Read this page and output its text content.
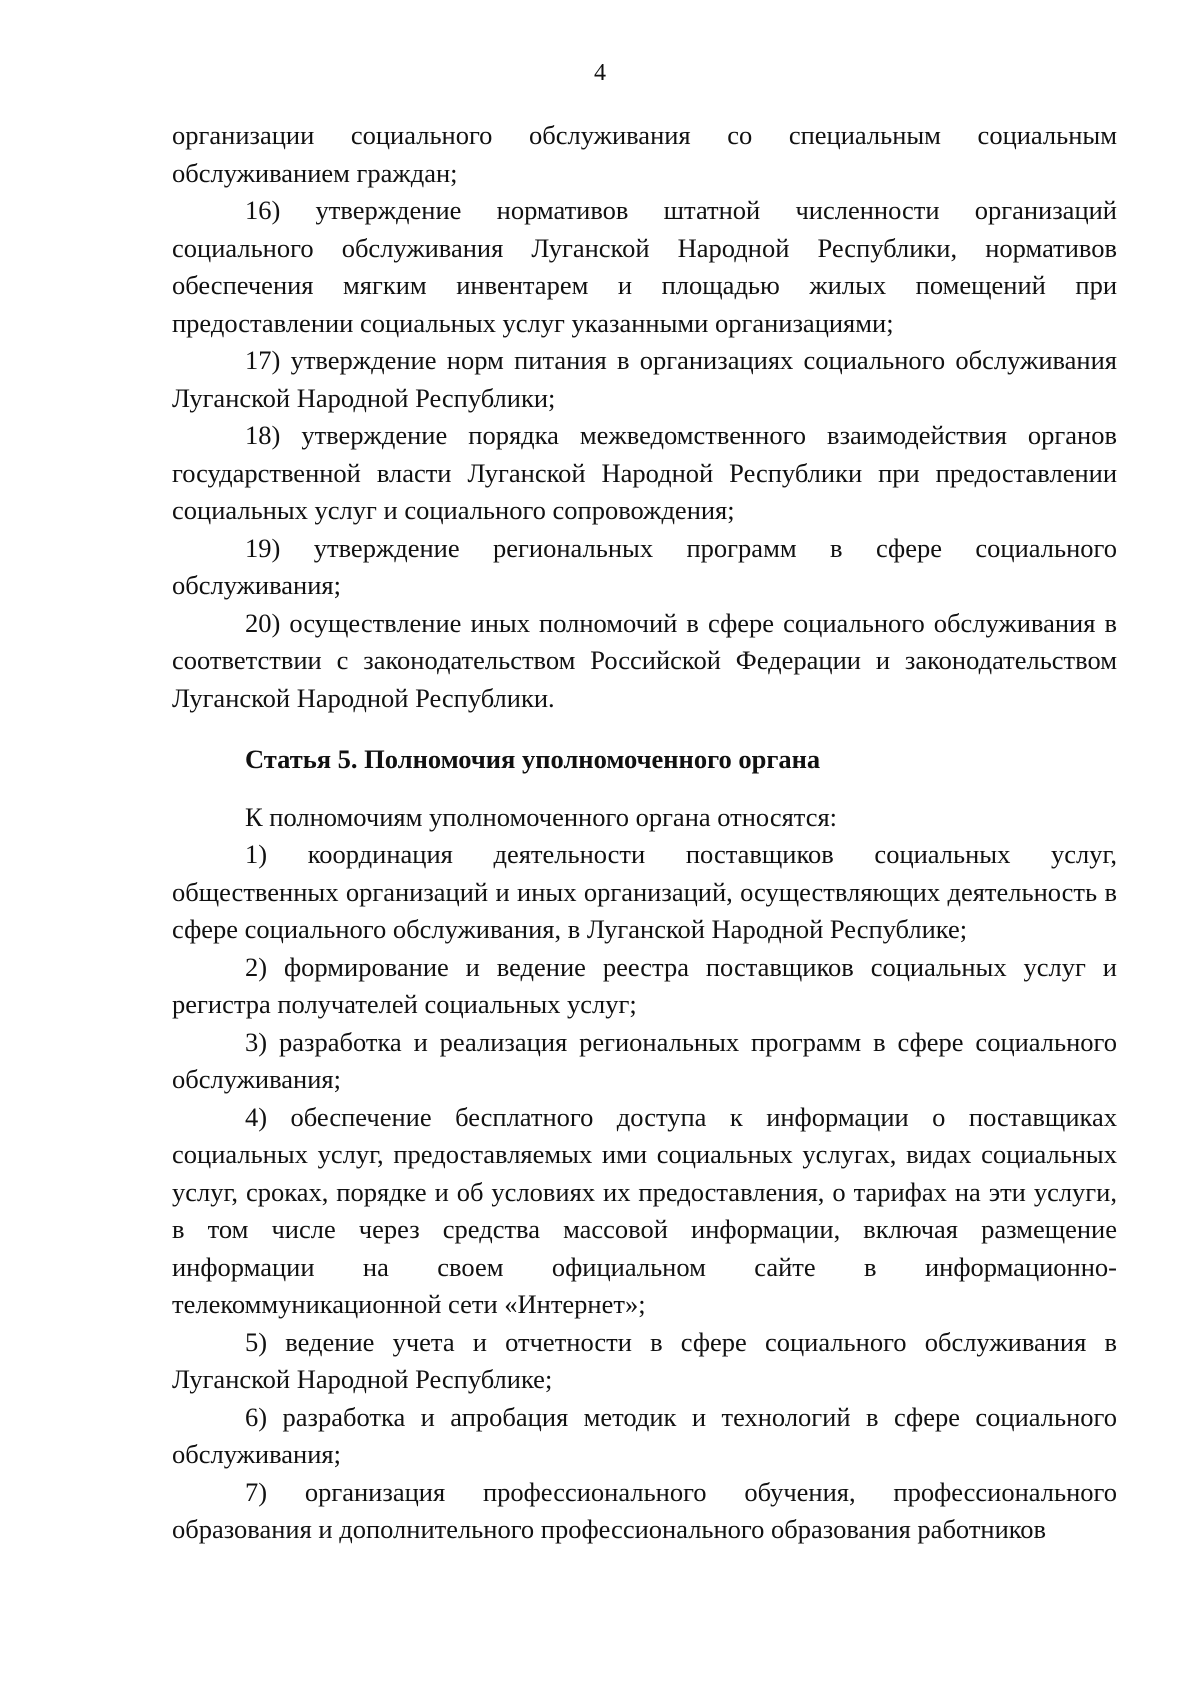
4

организации социального обслуживания со специальным социальным обслуживанием граждан;

16) утверждение нормативов штатной численности организаций социального обслуживания Луганской Народной Республики, нормативов обеспечения мягким инвентарем и площадью жилых помещений при предоставлении социальных услуг указанными организациями;

17) утверждение норм питания в организациях социального обслуживания Луганской Народной Республики;

18) утверждение порядка межведомственного взаимодействия органов государственной власти Луганской Народной Республики при предоставлении социальных услуг и социального сопровождения;

19) утверждение региональных программ в сфере социального обслуживания;

20) осуществление иных полномочий в сфере социального обслуживания в соответствии с законодательством Российской Федерации и законодательством Луганской Народной Республики.

Статья 5. Полномочия уполномоченного органа

К полномочиям уполномоченного органа относятся:

1) координация деятельности поставщиков социальных услуг, общественных организаций и иных организаций, осуществляющих деятельность в сфере социального обслуживания, в Луганской Народной Республике;

2) формирование и ведение реестра поставщиков социальных услуг и регистра получателей социальных услуг;

3) разработка и реализация региональных программ в сфере социального обслуживания;

4) обеспечение бесплатного доступа к информации о поставщиках социальных услуг, предоставляемых ими социальных услугах, видах социальных услуг, сроках, порядке и об условиях их предоставления, о тарифах на эти услуги, в том числе через средства массовой информации, включая размещение информации на своем официальном сайте в информационно-телекоммуникационной сети «Интернет»;

5) ведение учета и отчетности в сфере социального обслуживания в Луганской Народной Республике;

6) разработка и апробация методик и технологий в сфере социального обслуживания;

7) организация профессионального обучения, профессионального образования и дополнительного профессионального образования работников
